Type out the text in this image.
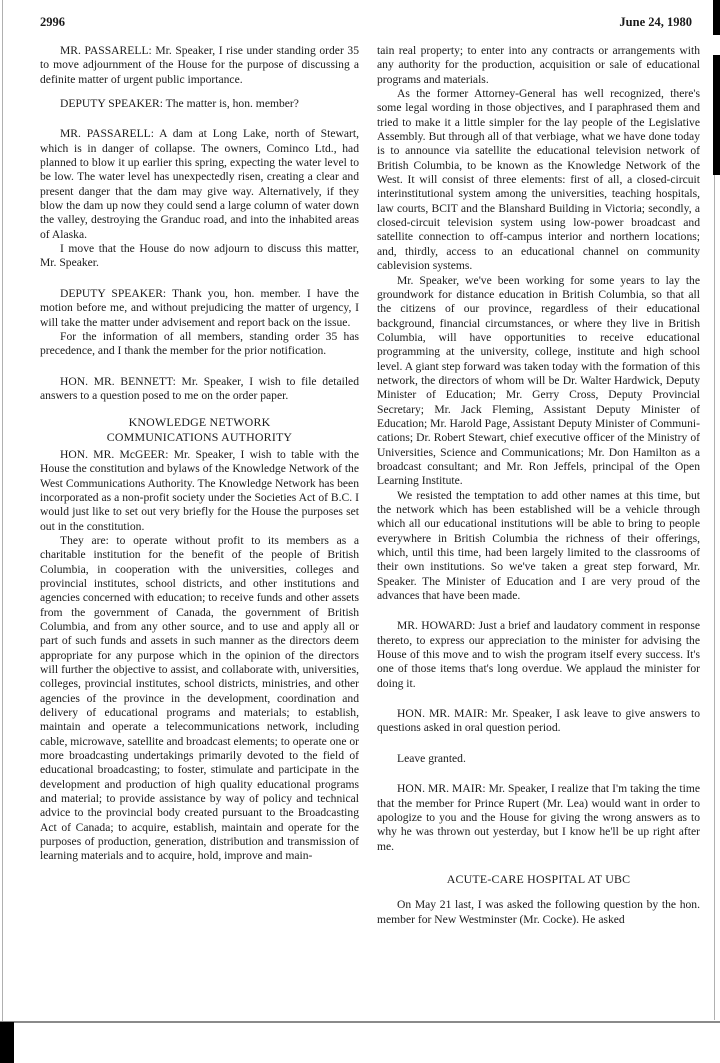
2996	June 24, 1980

MR. PASSARELL: Mr. Speaker, I rise under standing order 35 to move adjournment of the House for the purpose of discussing a definite matter of urgent public importance.

DEPUTY SPEAKER: The matter is, hon. member?

MR. PASSARELL: A dam at Long Lake, north of Stewart, which is in danger of collapse. The owners, Cominco Ltd., had planned to blow it up earlier this spring, expecting the water level to be low. The water level has unexpectedly risen, creating a clear and present danger that the dam may give way. Alternatively, if they blow the dam up now they could send a large column of water down the valley, destroying the Granduc road, and into the inhabited areas of Alaska.

I move that the House do now adjourn to discuss this matter, Mr. Speaker.

DEPUTY SPEAKER: Thank you, hon. member. I have the motion before me, and without prejudicing the matter of urgency, I will take the matter under advisement and report back on the issue.

For the information of all members, standing order 35 has precedence, and I thank the member for the prior notification.

HON. MR. BENNETT: Mr. Speaker, I wish to file detailed answers to a question posed to me on the order paper.

KNOWLEDGE NETWORK
COMMUNICATIONS AUTHORITY

HON. MR. McGEER: Mr. Speaker, I wish to table with the House the constitution and bylaws of the Knowledge Network of the West Communications Authority. The Knowledge Network has been incorporated as a non-profit society under the Societies Act of B.C. I would just like to set out very briefly for the House the purposes set out in the constitution.

They are: to operate without profit to its members as a charitable institution for the benefit of the people of British Columbia, in cooperation with the universities, colleges and provincial institutes, school districts, and other institutions and agencies concerned with education; to receive funds and other assets from the government of Canada, the government of British Columbia, and from any other source, and to use and apply all or part of such funds and assets in such manner as the directors deem appropriate for any purpose which in the opinion of the directors will further the objective to assist, and collaborate with, universities, colleges, provincial institutes, school districts, ministries, and other agencies of the province in the development, coordination and delivery of educational programs and materials; to establish, maintain and operate a telecommunications network, including cable, microwave, satellite and broadcast elements; to operate one or more broadcasting undertakings primarily devoted to the field of educational broadcasting; to foster, stimulate and participate in the development and production of high quality educational programs and material; to provide assistance by way of policy and technical advice to the provincial body created pursuant to the Broadcasting Act of Canada; to acquire, establish, maintain and operate for the purposes of production, generation, distribution and transmission of learning materials and to acquire, hold, improve and main-

tain real property; to enter into any contracts or arrangements with any authority for the production, acquisition or sale of educational programs and materials.

As the former Attorney-General has well recognized, there's some legal wording in those objectives, and I paraphrased them and tried to make it a little simpler for the lay people of the Legislative Assembly. But through all of that verbiage, what we have done today is to announce via satellite the educational television network of British Columbia, to be known as the Knowledge Network of the West. It will consist of three elements: first of all, a closed-circuit interinstitutional system among the universities, teaching hospitals, law courts, BCIT and the Blanshard Building in Victoria; secondly, a closed-circuit television system using low-power broadcast and satellite connection to off-campus interior and northern locations; and, thirdly, access to an educational channel on community cablevision systems.

Mr. Speaker, we've been working for some years to lay the groundwork for distance education in British Columbia, so that all the citizens of our province, regardless of their educational background, financial circumstances, or where they live in British Columbia, will have opportunities to receive educational programming at the university, college, institute and high school level. A giant step forward was taken today with the formation of this network, the directors of whom will be Dr. Walter Hardwick, Deputy Minister of Education; Mr. Gerry Cross, Deputy Provincial Secretary; Mr. Jack Fleming, Assistant Deputy Minister of Education; Mr. Harold Page, Assistant Deputy Minister of Communications; Dr. Robert Stewart, chief executive officer of the Ministry of Universities, Science and Communications; Mr. Don Hamilton as a broadcast consultant; and Mr. Ron Jeffels, principal of the Open Learning Institute.

We resisted the temptation to add other names at this time, but the network which has been established will be a vehicle through which all our educational institutions will be able to bring to people everywhere in British Columbia the richness of their offerings, which, until this time, had been largely limited to the classrooms of their own institutions. So we've taken a great step forward, Mr. Speaker. The Minister of Education and I are very proud of the advances that have been made.

MR. HOWARD: Just a brief and laudatory comment in response thereto, to express our appreciation to the minister for advising the House of this move and to wish the program itself every success. It's one of those items that's long overdue. We applaud the minister for doing it.

HON. MR. MAIR: Mr. Speaker, I ask leave to give answers to questions asked in oral question period.

Leave granted.

HON. MR. MAIR: Mr. Speaker, I realize that I'm taking the time that the member for Prince Rupert (Mr. Lea) would want in order to apologize to you and the House for giving the wrong answers as to why he was thrown out yesterday, but I know he'll be up right after me.

ACUTE-CARE HOSPITAL AT UBC

On May 21 last, I was asked the following question by the hon. member for New Westminster (Mr. Cocke). He asked
